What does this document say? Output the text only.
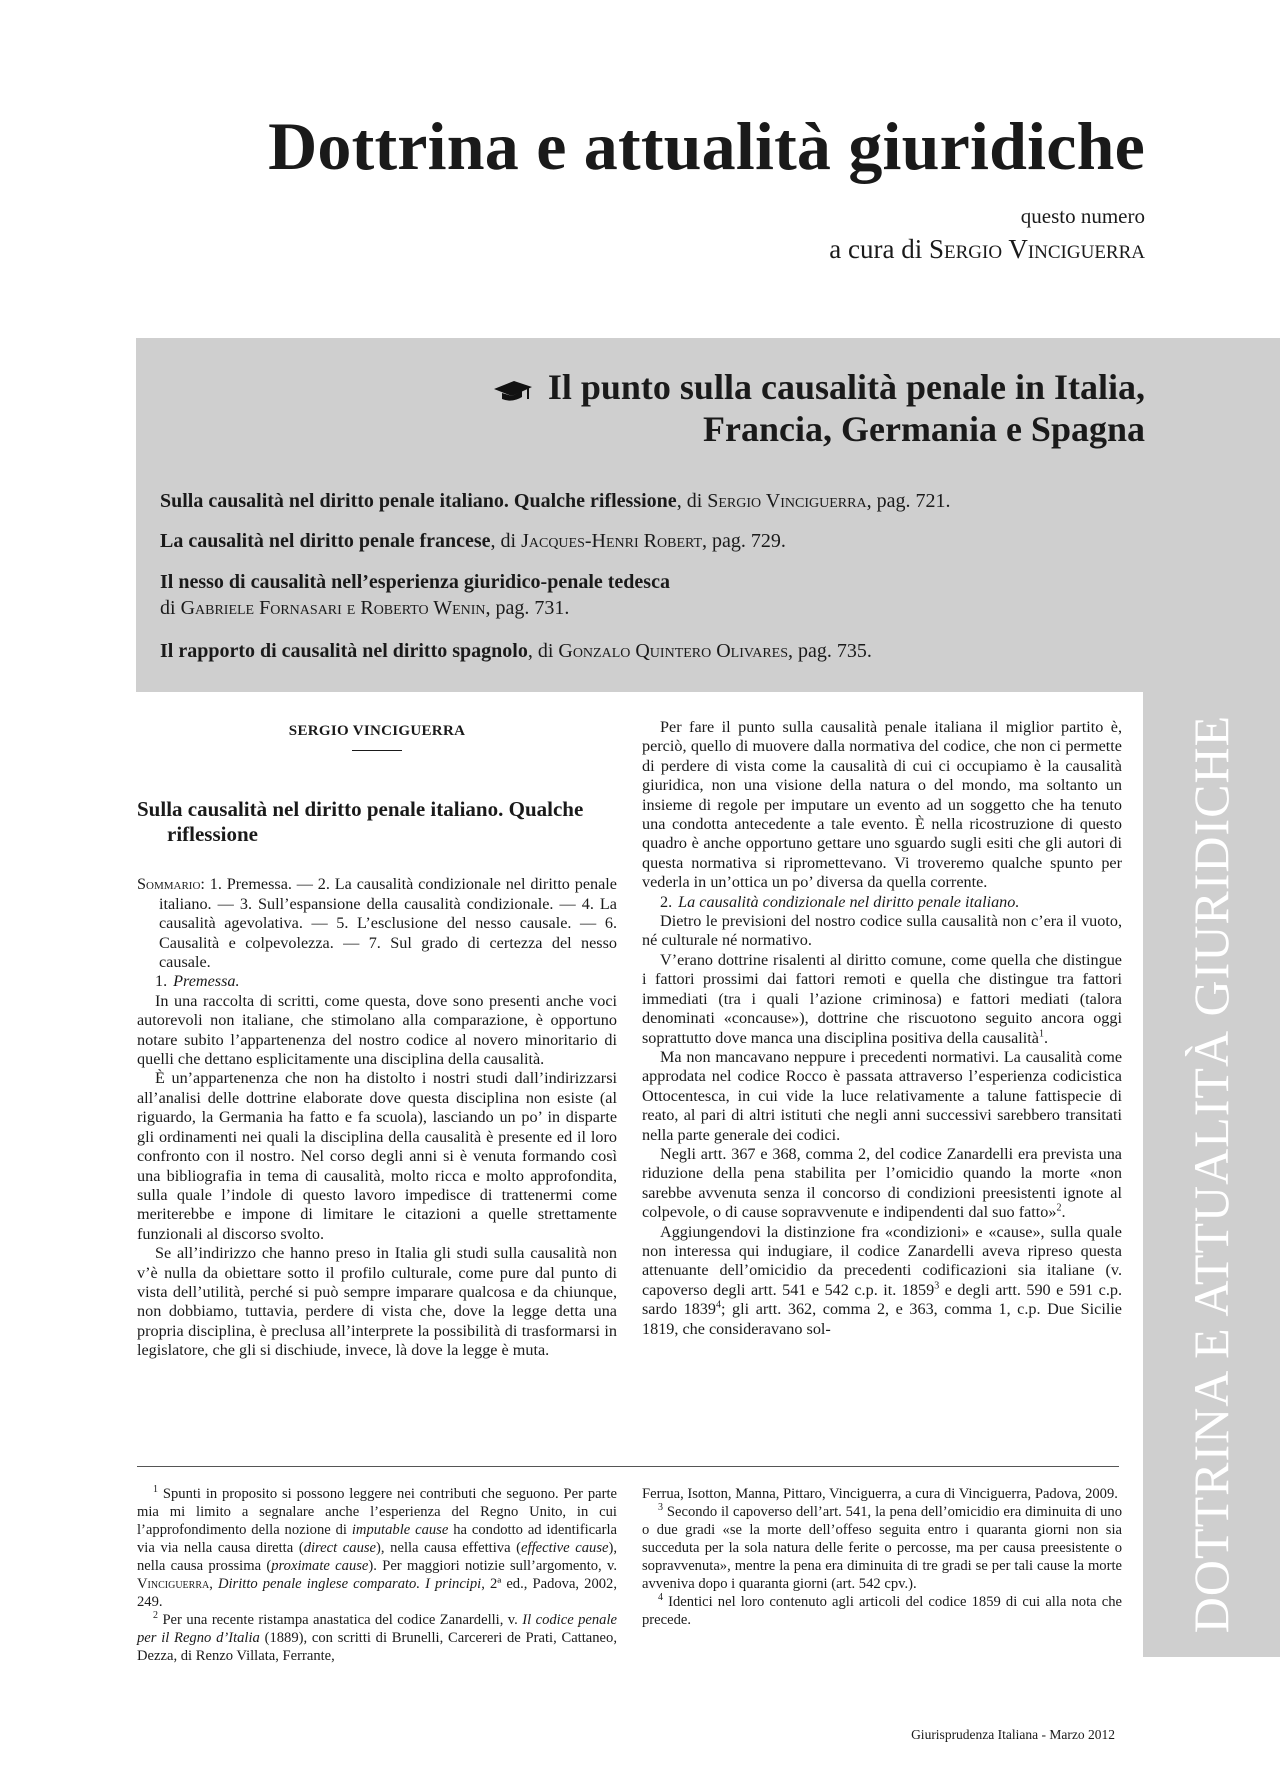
Dottrina e attualità giuridiche
questo numero
a cura di Sergio Vinciguerra
Il punto sulla causalità penale in Italia,
Francia, Germania e Spagna
Sulla causalità nel diritto penale italiano. Qualche riflessione, di Sergio Vinciguerra, pag. 721.
La causalità nel diritto penale francese, di Jacques-Henri Robert, pag. 729.
Il nesso di causalità nell’esperienza giuridico-penale tedesca
di Gabriele Fornasari e Roberto Wenin, pag. 731.
Il rapporto di causalità nel diritto spagnolo, di Gonzalo Quintero Olivares, pag. 735.
DOTTRINA E ATTUALITÀ GIURIDICHE
SERGIO VINCIGUERRA
Sulla causalità nel diritto penale italiano. Qualche riflessione

Sommario: 1. Premessa. — 2. La causalità condizionale nel diritto penale italiano. — 3. Sull’espansione della causalità condizionale. — 4. La causalità agevolativa. — 5. L’esclusione del nesso causale. — 6. Causalità e colpevolezza. — 7. Sul grado di certezza del nesso causale.

1. Premessa.

In una raccolta di scritti, come questa, dove sono presenti anche voci autorevoli non italiane, che stimolano alla comparazione, è opportuno notare subito l’appartenenza del nostro codice al novero minoritario di quelli che dettano esplicitamente una disciplina della causalità.

È un’appartenenza che non ha distolto i nostri studi dall’indirizzarsi all’analisi delle dottrine elaborate dove questa disciplina non esiste (al riguardo, la Germania ha fatto e fa scuola), lasciando un po’ in disparte gli ordinamenti nei quali la disciplina della causalità è presente ed il loro confronto con il nostro. Nel corso degli anni si è venuta formando così una bibliografia in tema di causalità, molto ricca e molto approfondita, sulla quale l’indole di questo lavoro impedisce di trattenermi come meriterebbe e impone di limitare le citazioni a quelle strettamente funzionali al discorso svolto.

Se all’indirizzo che hanno preso in Italia gli studi sulla causalità non v’è nulla da obiettare sotto il profilo culturale, come pure dal punto di vista dell’utilità, perché si può sempre imparare qualcosa e da chiunque, non dobbiamo, tuttavia, perdere di vista che, dove la legge detta una propria disciplina, è preclusa all’interprete la possibilità di trasformarsi in legislatore, che gli si dischiude, invece, là dove la legge è muta.

Per fare il punto sulla causalità penale italiana il miglior partito è, perciò, quello di muovere dalla normativa del codice, che non ci permette di perdere di vista come la causalità di cui ci occupiamo è la causalità giuridica, non una visione della natura o del mondo, ma soltanto un insieme di regole per imputare un evento ad un soggetto che ha tenuto una condotta antecedente a tale evento. È nella ricostruzione di questo quadro è anche opportuno gettare uno sguardo sugli esiti che gli autori di questa normativa si ripromettevano. Vi troveremo qualche spunto per vederla in un’ottica un po’ diversa da quella corrente.

2. La causalità condizionale nel diritto penale italiano.

Dietro le previsioni del nostro codice sulla causalità non c’era il vuoto, né culturale né normativo.

V’erano dottrine risalenti al diritto comune, come quella che distingue i fattori prossimi dai fattori remoti e quella che distingue tra fattori immediati (tra i quali l’azione criminosa) e fattori mediati (talora denominati «concause»), dottrine che riscuotono seguito ancora oggi soprattutto dove manca una disciplina positiva della causalità$^1$.

Ma non mancavano neppure i precedenti normativi. La causalità come approdata nel codice Rocco è passata attraverso l’esperienza codicistica Ottocentesca, in cui vide la luce relativamente a talune fattispecie di reato, al pari di altri istituti che negli anni successivi sarebbero transitati nella parte generale dei codici.

Negli artt. 367 e 368, comma 2, del codice Zanardelli era prevista una riduzione della pena stabilita per l’omicidio quando la morte «non sarebbe avvenuta senza il concorso di condizioni preesistenti ignote al colpevole, o di cause sopravvenute e indipendenti dal suo fatto»$^2$.

Aggiungendovi la distinzione fra «condizioni» e «cause», sulla quale non interessa qui indugiare, il codice Zanardelli aveva ripreso questa attenuante dell’omicidio da precedenti codificazioni sia italiane (v. capoverso degli artt. 541 e 542 c.p. it. 1859$^3$ e degli artt. 590 e 591 c.p. sardo 1839$^4$; gli artt. 362, comma 2, e 363, comma 1, c.p. Due Sicilie 1819, che consideravano sol-

$^1$ Spunti in proposito si possono leggere nei contributi che seguono. Per parte mia mi limito a segnalare anche l’esperienza del Regno Unito, in cui l’approfondimento della nozione di imputable cause ha condotto ad identificarla via via nella causa diretta (direct cause), nella causa effettiva (effective cause), nella causa prossima (proximate cause). Per maggiori notizie sull’argomento, v. Vinciguerra, Diritto penale inglese comparato. I principi, 2ª ed., Padova, 2002, 249.

$^2$ Per una recente ristampa anastatica del codice Zanardelli, v. Il codice penale per il Regno d’Italia (1889), con scritti di Brunelli, Carcereri de Prati, Cattaneo, Dezza, di Renzo Villata, Ferrante,

Ferrua, Isotton, Manna, Pittaro, Vinciguerra, a cura di Vinciguerra, Padova, 2009.

$^3$ Secondo il capoverso dell’art. 541, la pena dell’omicidio era diminuita di uno o due gradi «se la morte dell’offeso seguita entro i quaranta giorni non sia succeduta per la sola natura delle ferite o percosse, ma per causa preesistente o sopravvenuta», mentre la pena era diminuita di tre gradi se per tali cause la morte avveniva dopo i quaranta giorni (art. 542 cpv.).

$^4$ Identici nel loro contenuto agli articoli del codice 1859 di cui alla nota che precede.

Giurisprudenza Italiana - Marzo 2012
